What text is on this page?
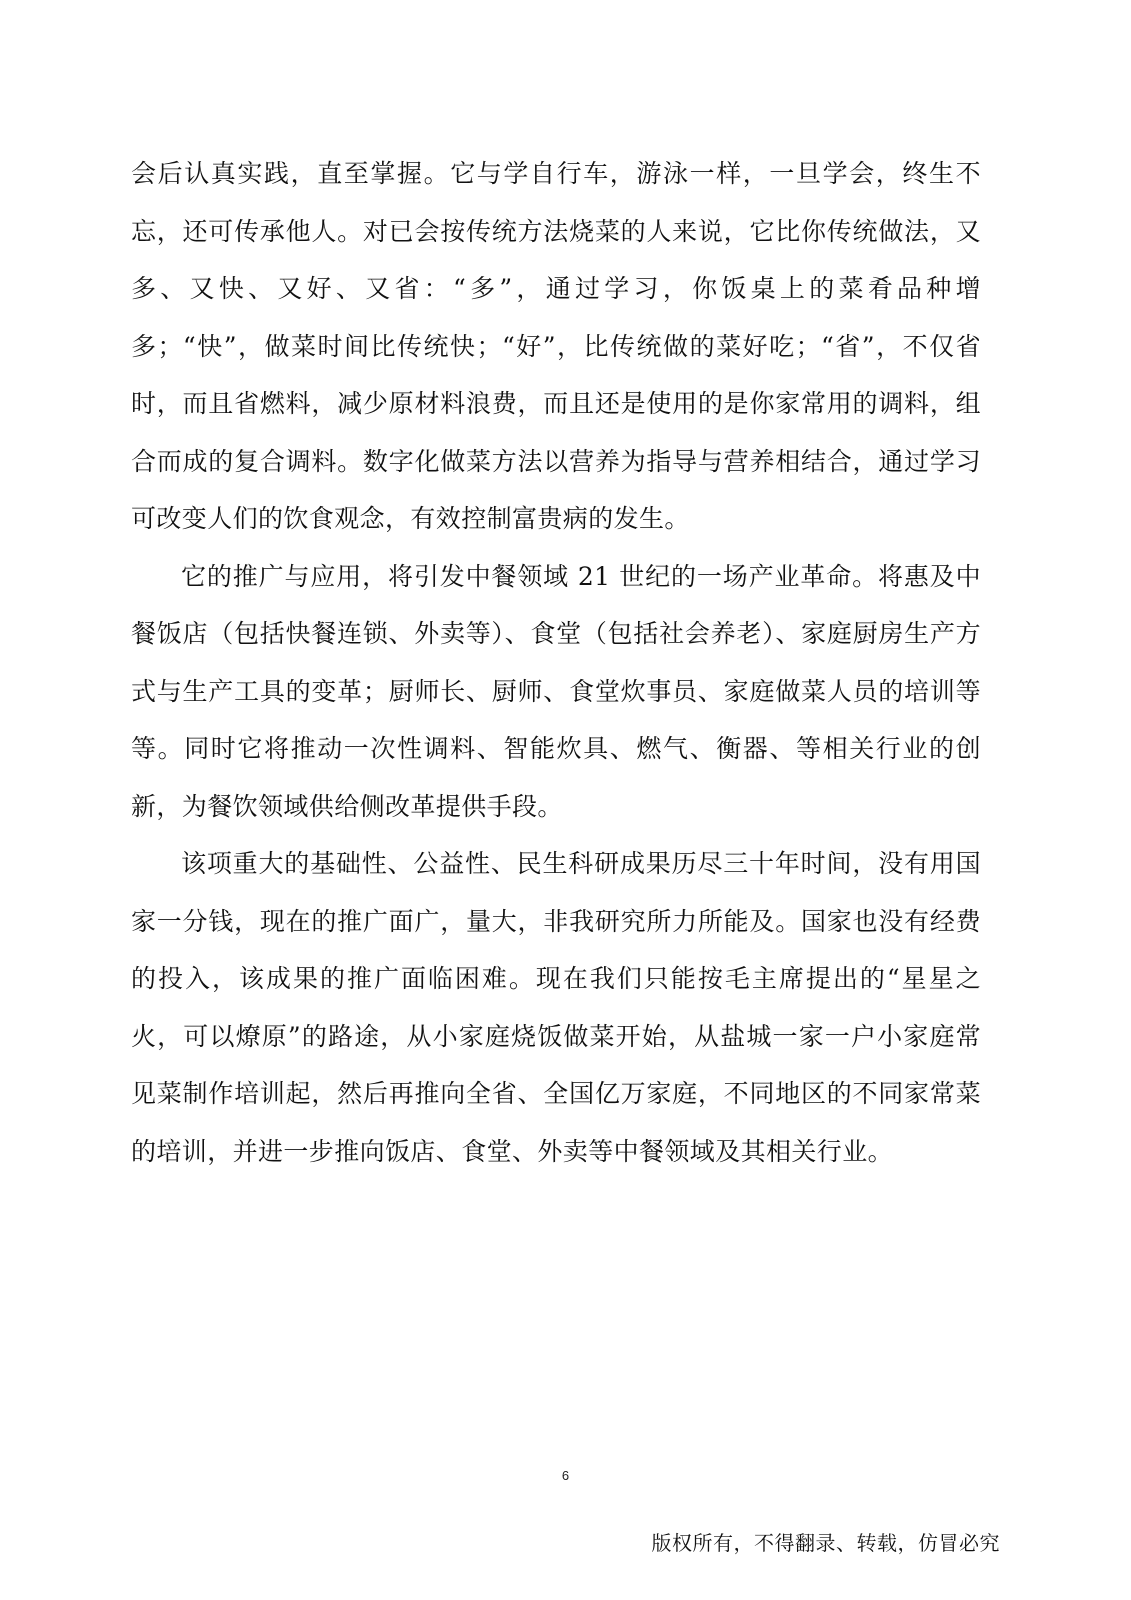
会后认真实践，直至掌握。它与学自行车，游泳一样，一旦学会，终生不忘，还可传承他人。对已会按传统方法烧菜的人来说，它比你传统做法，又多、又快、又好、又省：“多”，通过学习，你饭桌上的菜肴品种增多；“快”，做菜时间比传统快；“好”，比传统做的菜好吃；“省”，不仅省时，而且省燃料，减少原材料浪费，而且还是使用的是你家常用的调料，组合而成的复合调料。数字化做菜方法以营养为指导与营养相结合，通过学习可改变人们的饮食观念，有效控制富贵病的发生。

它的推广与应用，将引发中餐领域 21 世纪的一场产业革命。将惠及中餐饭店（包括快餐连锁、外卖等）、食堂（包括社会养老）、家庭厨房生产方式与生产工具的变革；厨师长、厨师、食堂炊事员、家庭做菜人员的培训等等。同时它将推动一次性调料、智能炊具、燃气、衡器、等相关行业的创新，为餐饮领域供给侧改革提供手段。

该项重大的基础性、公益性、民生科研成果历尽三十年时间，没有用国家一分钱，现在的推广面广，量大，非我研究所力所能及。国家也没有经费的投入，该成果的推广面临困难。现在我们只能按毛主席提出的“星星之火，可以燎原”的路途，从小家庭烧饭做菜开始，从盐城一家一户小家庭常见菜制作培训起，然后再推向全省、全国亿万家庭，不同地区的不同家常菜的培训，并进一步推向饭店、食堂、外卖等中餐领域及其相关行业。

6
版权所有，不得翻录、转载，仿冒必究
